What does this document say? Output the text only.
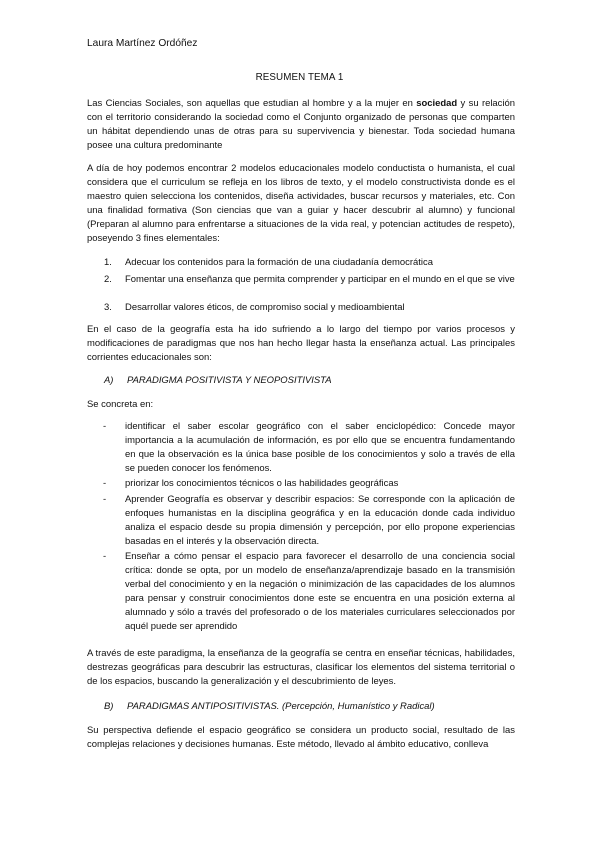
Laura Martínez Ordóñez
RESUMEN TEMA 1

Las Ciencias Sociales, son aquellas que estudian al hombre y a la mujer en sociedad y su relación con el territorio considerando la sociedad como el Conjunto organizado de personas que comparten un hábitat dependiendo unas de otras para su supervivencia y bienestar. Toda sociedad humana posee una cultura predominante

A día de hoy podemos encontrar 2 modelos educacionales modelo conductista o humanista, el cual considera que el curriculum se refleja en los libros de texto, y el modelo constructivista donde es el maestro quien selecciona los contenidos, diseña actividades, buscar recursos y materiales, etc. Con una finalidad formativa (Son ciencias que van a guiar y hacer descubrir al alumno) y funcional (Preparan al alumno para enfrentarse a situaciones de la vida real, y potencian actitudes de respeto), poseyendo 3 fines elementales:

1. Adecuar los contenidos para la formación de una ciudadanía democrática
2. Fomentar una enseñanza que permita comprender y participar en el mundo en el que se vive
3. Desarrollar valores éticos, de compromiso social y medioambiental

En el caso de la geografía esta ha ido sufriendo a lo largo del tiempo por varios procesos y modificaciones de paradigmas que nos han hecho llegar hasta la enseñanza actual. Las principales corrientes educacionales son:

A) PARADIGMA POSITIVISTA Y NEOPOSITIVISTA
Se concreta en:
- identificar el saber escolar geográfico con el saber enciclopédico: Concede mayor importancia a la acumulación de información, es por ello que se encuentra fundamentando en que la observación es la única base posible de los conocimientos y solo a través de ella se pueden conocer los fenómenos.
- priorizar los conocimientos técnicos o las habilidades geográficas
- Aprender Geografía es observar y describir espacios: Se corresponde con la aplicación de enfoques humanistas en la disciplina geográfica y en la educación donde cada individuo analiza el espacio desde su propia dimensión y percepción, por ello propone experiencias basadas en el interés y la observación directa.
- Enseñar a cómo pensar el espacio para favorecer el desarrollo de una conciencia social crítica: donde se opta, por un modelo de enseñanza/aprendizaje basado en la transmisión verbal del conocimiento y en la negación o minimización de las capacidades de los alumnos para pensar y construir conocimientos done este se encuentra en una posición externa al alumnado y sólo a través del profesorado o de los materiales curriculares seleccionados por aquél puede ser aprendido

A través de este paradigma, la enseñanza de la geografía se centra en enseñar técnicas, habilidades, destrezas geográficas para descubrir las estructuras, clasificar los elementos del sistema territorial o de los espacios, buscando la generalización y el descubrimiento de leyes.

B) PARADIGMAS ANTIPOSITIVISTAS. (Percepción, Humanístico y Radical)

Su perspectiva defiende el espacio geográfico se considera un producto social, resultado de las complejas relaciones y decisiones humanas. Este método, llevado al ámbito educativo, conlleva
